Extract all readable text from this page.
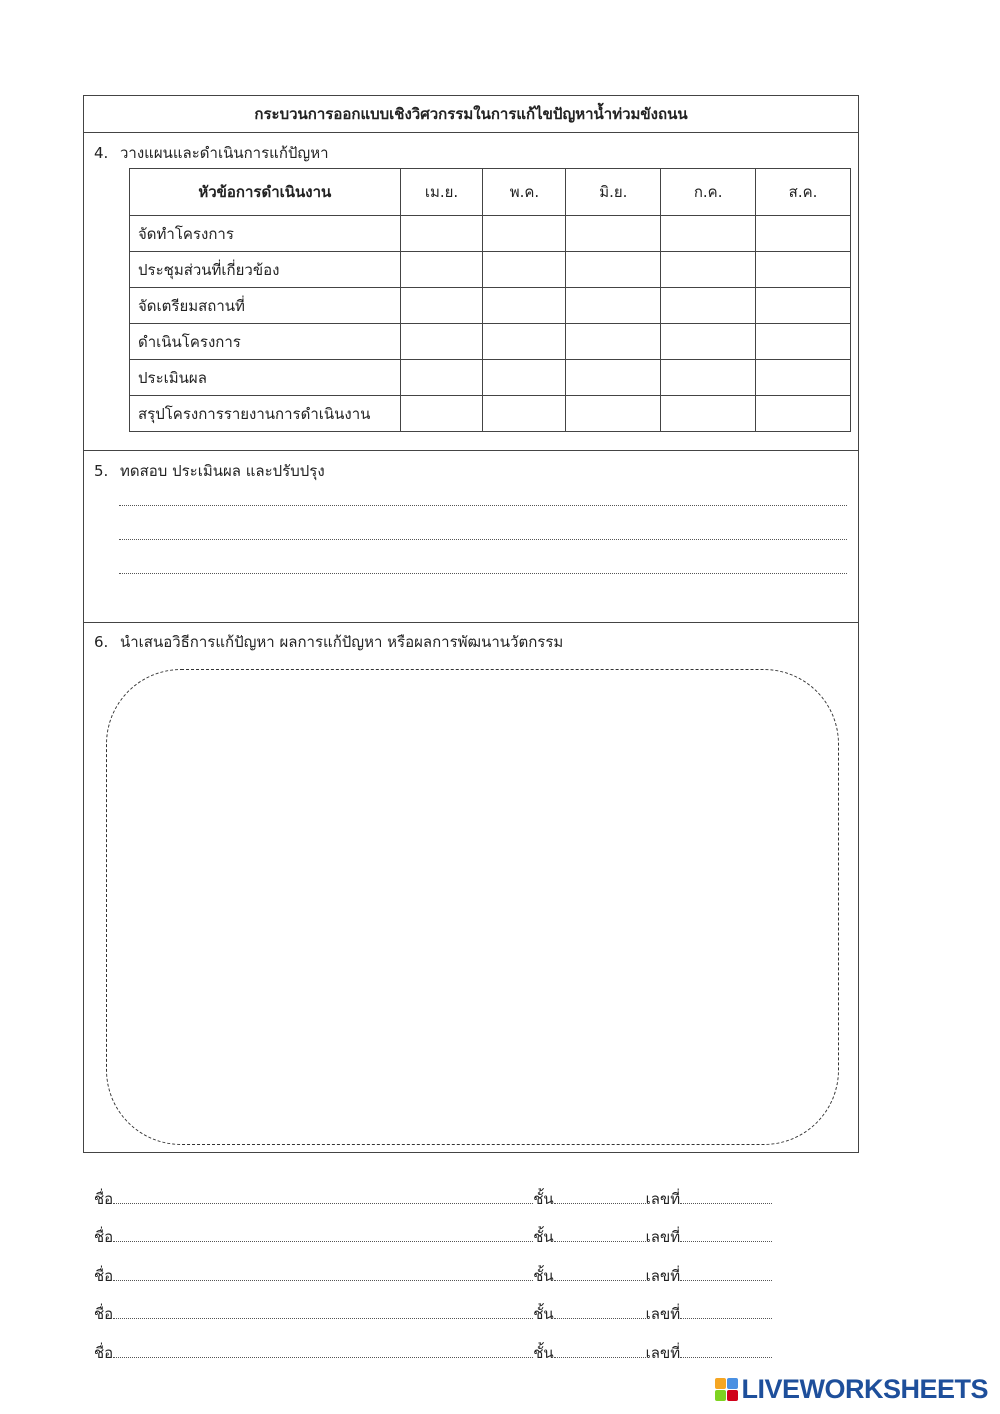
กระบวนการออกแบบเชิงวิศวกรรมในการแก้ไขปัญหาน้ำท่วมขังถนน
4. วางแผนและดำเนินการแก้ปัญหา
หัวข้อการดำเนินงาน	เม.ย.	พ.ค.	มิ.ย.	ก.ค.	ส.ค.
จัดทำโครงการ					
ประชุมส่วนที่เกี่ยวข้อง					
จัดเตรียมสถานที่					
ดำเนินโครงการ					
ประเมินผล					
สรุปโครงการรายงานการดำเนินงาน					
5. ทดสอบ ประเมินผล และปรับปรุง
6. นำเสนอวิธีการแก้ปัญหา ผลการแก้ปัญหา หรือผลการพัฒนานวัตกรรม
ชื่อ	ชั้น	เลขที่
ชื่อ	ชั้น	เลขที่
ชื่อ	ชั้น	เลขที่
ชื่อ	ชั้น	เลขที่
ชื่อ	ชั้น	เลขที่
LIVEWORKSHEETS
